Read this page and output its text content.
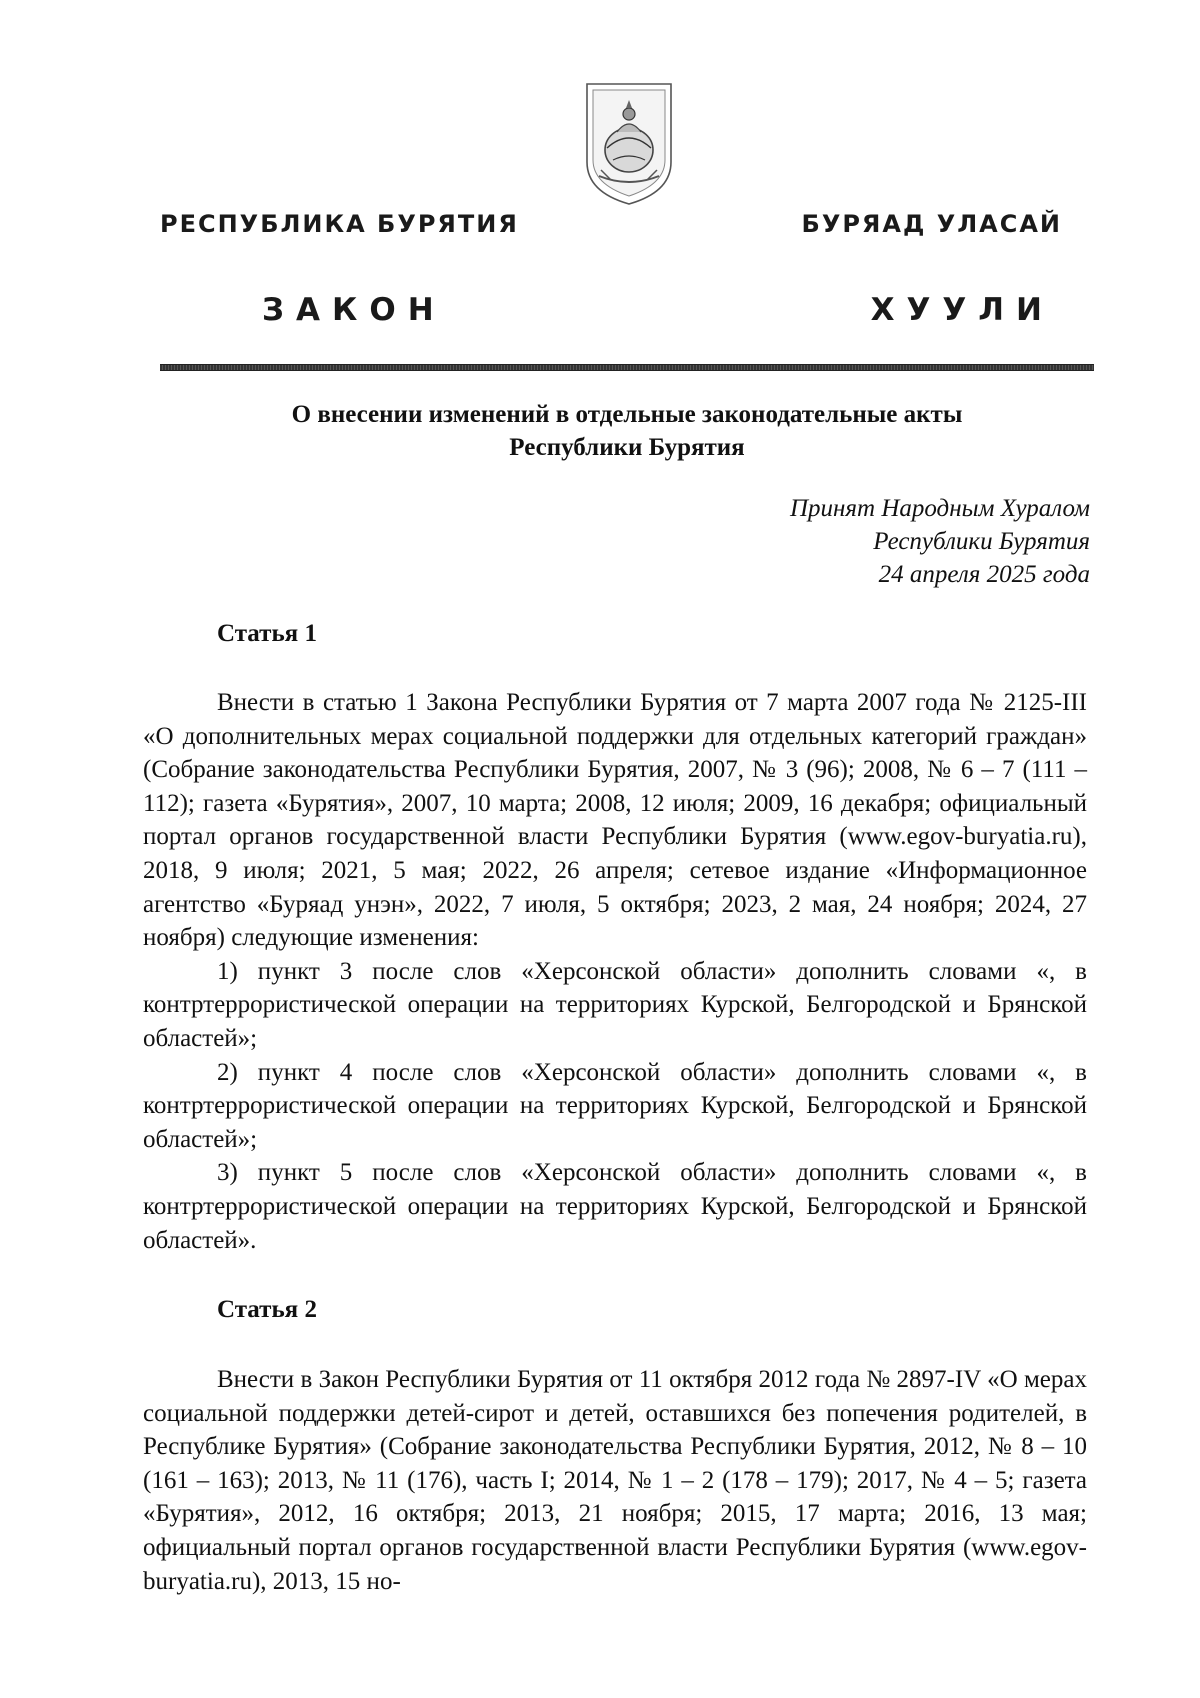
РЕСПУБЛИКА БУРЯТИЯ	БУРЯАД УЛАСАЙ
ЗАКОН	ХУУЛИ
О внесении изменений в отдельные законодательные акты
Республики Бурятия
Принят Народным Хуралом
Республики Бурятия
24 апреля 2025 года
Статья 1

Внести в статью 1 Закона Республики Бурятия от 7 марта 2007 года № 2125-III «О дополнительных мерах социальной поддержки для отдельных категорий граждан» (Собрание законодательства Республики Бурятия, 2007, № 3 (96); 2008, № 6 – 7 (111 – 112); газета «Бурятия», 2007, 10 марта; 2008, 12 июля; 2009, 16 декабря; официальный портал органов государственной власти Республики Бурятия (www.egov-buryatia.ru), 2018, 9 июля; 2021, 5 мая; 2022, 26 апреля; сетевое издание «Информационное агентство «Буряад унэн», 2022, 7 июля, 5 октября; 2023, 2 мая, 24 ноября; 2024, 27 ноября) следующие изменения:

1) пункт 3 после слов «Херсонской области» дополнить словами «, в контртеррористической операции на территориях Курской, Белгородской и Брянской областей»;

2) пункт 4 после слов «Херсонской области» дополнить словами «, в контртеррористической операции на территориях Курской, Белгородской и Брянской областей»;

3) пункт 5 после слов «Херсонской области» дополнить словами «, в контртеррористической операции на территориях Курской, Белгородской и Брянской областей».

Статья 2

Внести в Закон Республики Бурятия от 11 октября 2012 года № 2897-IV «О мерах социальной поддержки детей-сирот и детей, оставшихся без попечения родителей, в Республике Бурятия» (Собрание законодательства Республики Бурятия, 2012, № 8 – 10 (161 – 163); 2013, № 11 (176), часть I; 2014, № 1 – 2 (178 – 179); 2017, № 4 – 5; газета «Бурятия», 2012, 16 октября; 2013, 21 ноября; 2015, 17 марта; 2016, 13 мая; официальный портал органов государственной власти Республики Бурятия (www.egov-buryatia.ru), 2013, 15 но-
